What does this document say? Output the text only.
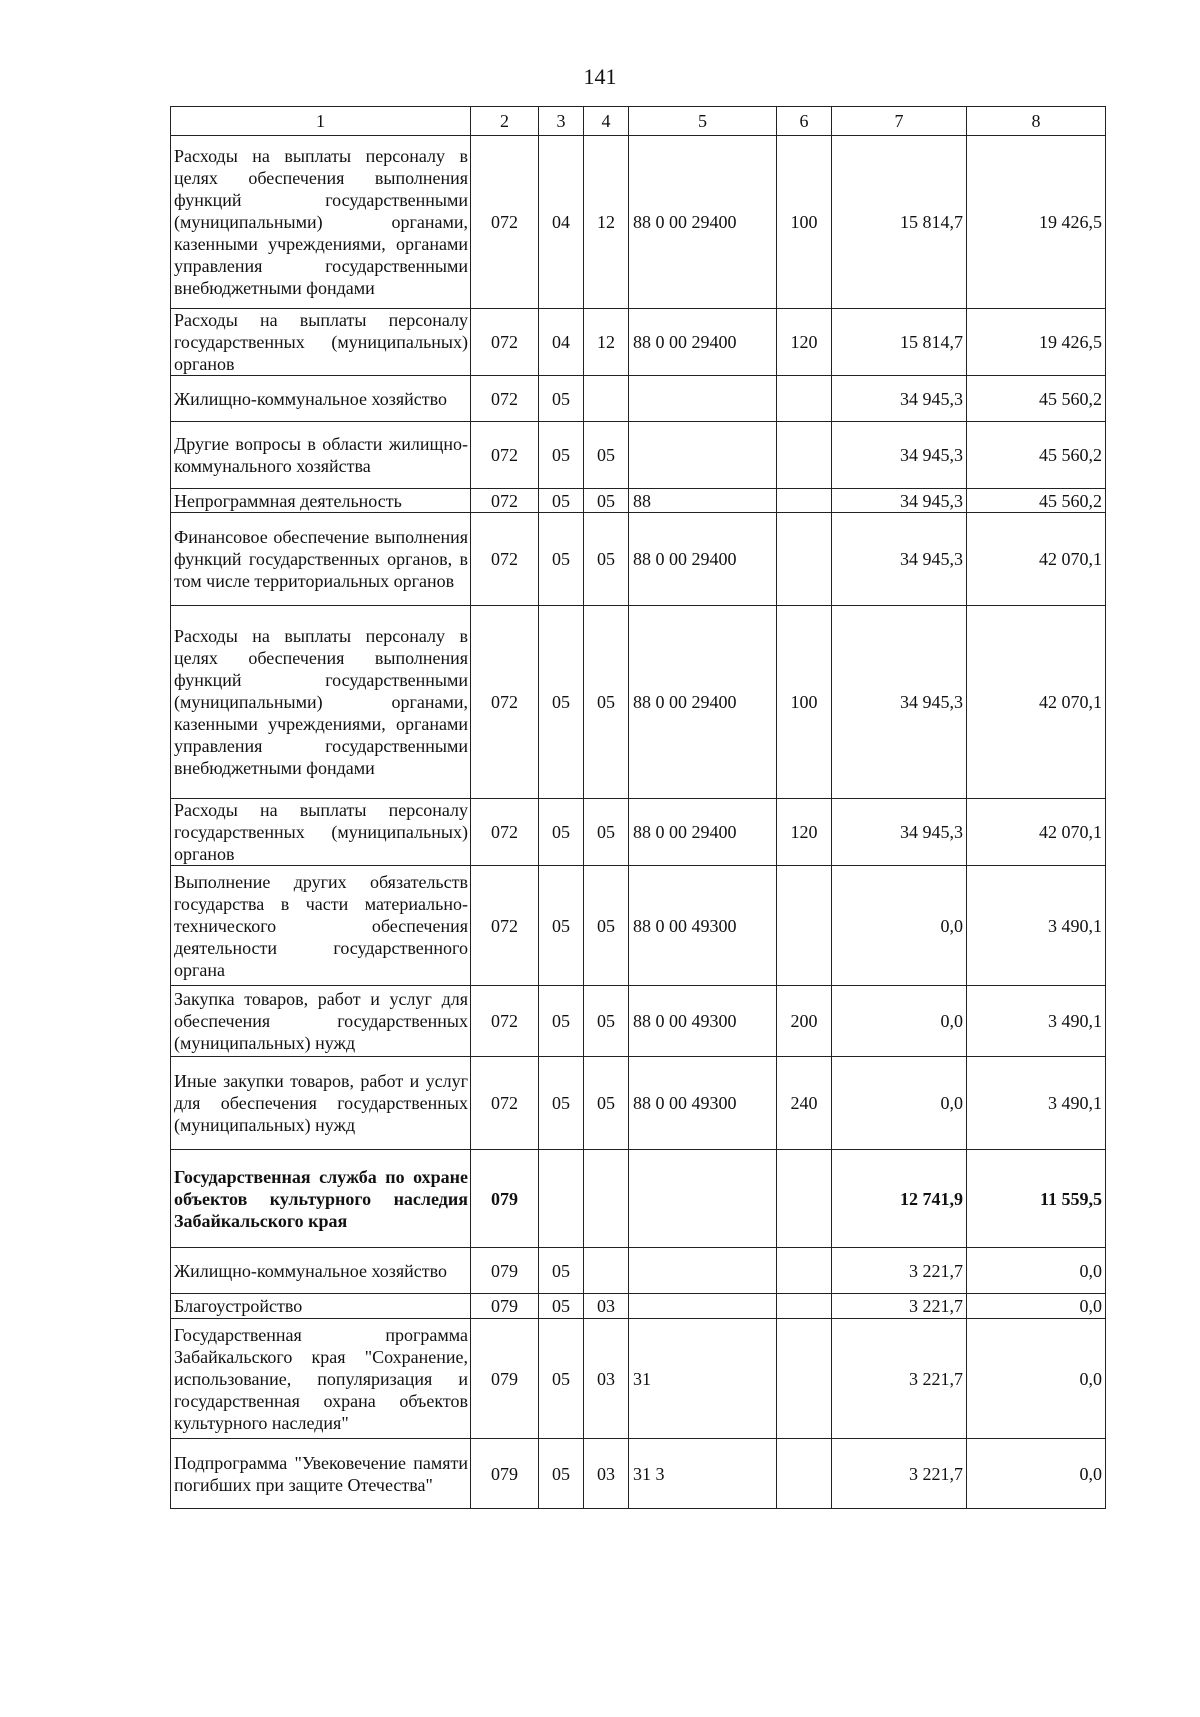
141
1	2	3	4	5	6	7	8
Расходы на выплаты персоналу в целях обеспечения выполнения функций государственными (муниципальными) органами, казенными учреждениями, органами управления государственными внебюджетными фондами	072	04	12	88 0 00 29400	100	15 814,7	19 426,5
Расходы на выплаты персоналу государственных (муниципальных) органов	072	04	12	88 0 00 29400	120	15 814,7	19 426,5
Жилищно-коммунальное хозяйство	072	05				34 945,3	45 560,2
Другие вопросы в области жилищно-коммунального хозяйства	072	05	05			34 945,3	45 560,2
Непрограммная деятельность	072	05	05	88		34 945,3	45 560,2
Финансовое обеспечение выполнения функций государственных органов, в том числе территориальных органов	072	05	05	88 0 00 29400		34 945,3	42 070,1
Расходы на выплаты персоналу в целях обеспечения выполнения функций государственными (муниципальными) органами, казенными учреждениями, органами управления государственными внебюджетными фондами	072	05	05	88 0 00 29400	100	34 945,3	42 070,1
Расходы на выплаты персоналу государственных (муниципальных) органов	072	05	05	88 0 00 29400	120	34 945,3	42 070,1
Выполнение других обязательств государства в части материально-технического обеспечения деятельности государственного органа	072	05	05	88 0 00 49300		0,0	3 490,1
Закупка товаров, работ и услуг для обеспечения государственных (муниципальных) нужд	072	05	05	88 0 00 49300	200	0,0	3 490,1
Иные закупки товаров, работ и услуг для обеспечения государственных (муниципальных) нужд	072	05	05	88 0 00 49300	240	0,0	3 490,1
Государственная служба по охране объектов культурного наследия Забайкальского края	079					12 741,9	11 559,5
Жилищно-коммунальное хозяйство	079	05				3 221,7	0,0
Благоустройство	079	05	03			3 221,7	0,0
Государственная программа Забайкальского края "Сохранение, использование, популяризация и государственная охрана объектов культурного наследия"	079	05	03	31		3 221,7	0,0
Подпрограмма "Увековечение памяти погибших при защите Отечества"	079	05	03	31 3		3 221,7	0,0
